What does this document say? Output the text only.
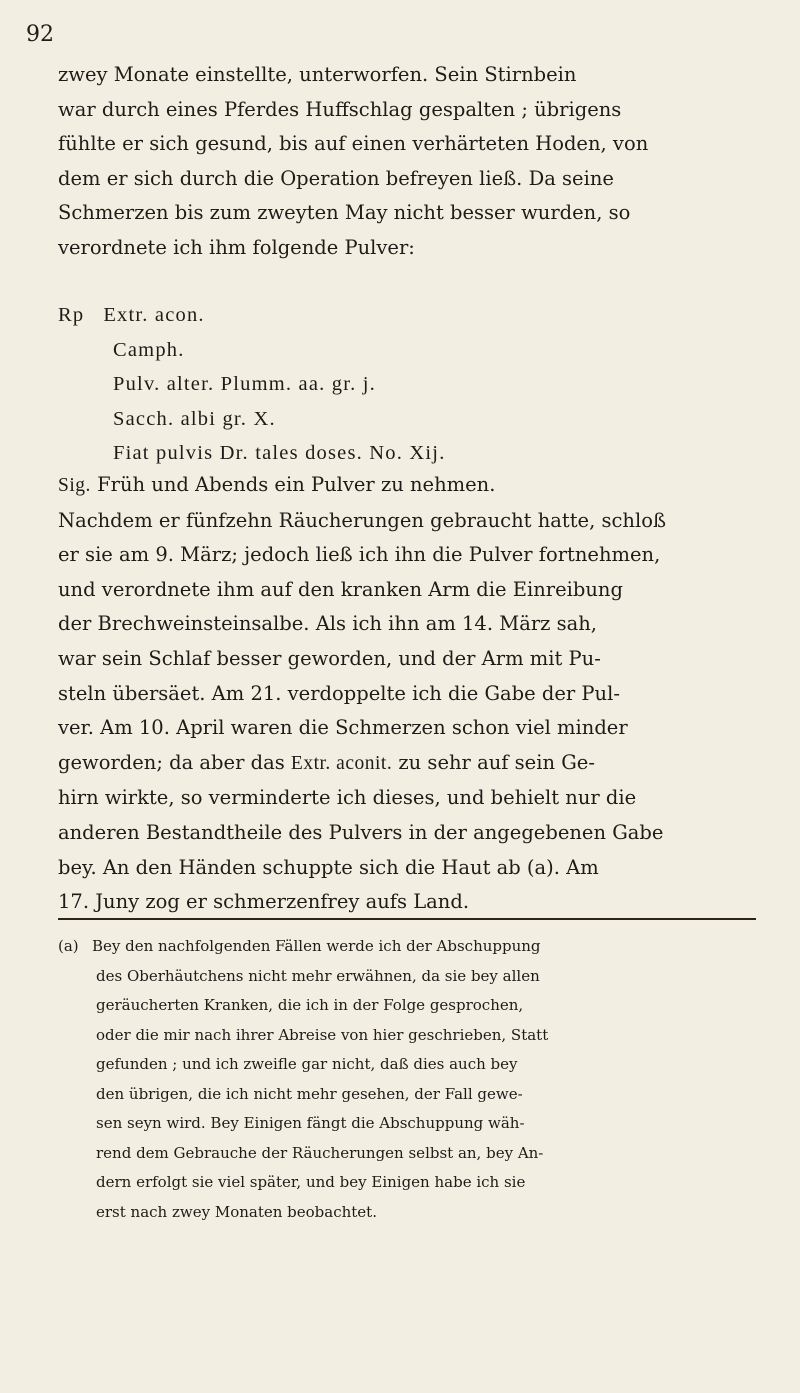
92
zwey Monate einstellte, unterworfen. Sein Stirnbein
war durch eines Pferdes Huffschlag gespalten ; übrigens
fühlte er sich gesund, bis auf einen verhärteten Hoden, von
dem er sich durch die Operation befreyen ließ. Da seine
Schmerzen bis zum zweyten May nicht besser wurden, so
verordnete ich ihm folgende Pulver:
Rp Extr. acon.
Camph.
Pulv. alter. Plumm. aa. gr. j.
Sacch. albi gr. X.
Fiat pulvis Dr. tales doses. No. Xij.
Sig. Früh und Abends ein Pulver zu nehmen.
Nachdem er fünfzehn Räucherungen gebraucht hatte, schloß
er sie am 9. März; jedoch ließ ich ihn die Pulver fortnehmen,
und verordnete ihm auf den kranken Arm die Einreibung
der Brechweinsteinsalbe. Als ich ihn am 14. März sah,
war sein Schlaf besser geworden, und der Arm mit Pu-
steln übersäet. Am 21. verdoppelte ich die Gabe der Pul-
ver. Am 10. April waren die Schmerzen schon viel minder
geworden; da aber das Extr. aconit. zu sehr auf sein Ge-
hirn wirkte, so verminderte ich dieses, und behielt nur die
anderen Bestandtheile des Pulvers in der angegebenen Gabe
bey. An den Händen schuppte sich die Haut ab (a). Am
17. Juny zog er schmerzenfrey aufs Land.
(a) Bey den nachfolgenden Fällen werde ich der Abschuppung
des Oberhäutchens nicht mehr erwähnen, da sie bey allen
geräucherten Kranken, die ich in der Folge gesprochen,
oder die mir nach ihrer Abreise von hier geschrieben, Statt
gefunden ; und ich zweifle gar nicht, daß dies auch bey
den übrigen, die ich nicht mehr gesehen, der Fall gewe-
sen seyn wird. Bey Einigen fängt die Abschuppung wäh-
rend dem Gebrauche der Räucherungen selbst an, bey An-
dern erfolgt sie viel später, und bey Einigen habe ich sie
erst nach zwey Monaten beobachtet.
